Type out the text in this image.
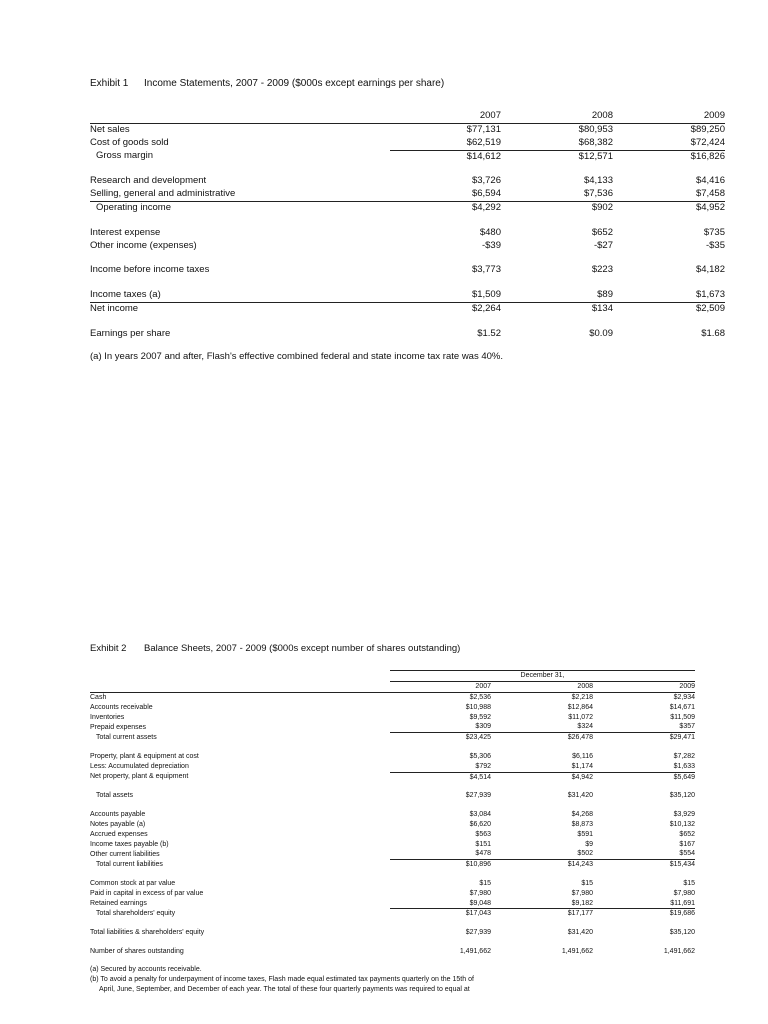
Exhibit 1 Income Statements, 2007 - 2009 ($000s except earnings per share)
	2007	2008	2009
Net sales	$77,131	$80,953	$89,250
Cost of goods sold	$62,519	$68,382	$72,424
Gross margin	$14,612	$12,571	$16,826

Research and development	$3,726	$4,133	$4,416
Selling, general and administrative	$6,594	$7,536	$7,458
Operating income	$4,292	$902	$4,952

Interest expense	$480	$652	$735
Other income (expenses)	-$39	-$27	-$35

Income before income taxes	$3,773	$223	$4,182

Income taxes (a)	$1,509	$89	$1,673
Net income	$2,264	$134	$2,509

Earnings per share	$1.52	$0.09	$1.68
(a) In years 2007 and after, Flash's effective combined federal and state income tax rate was 40%.
Exhibit 2 Balance Sheets, 2007 - 2009 ($000s except number of shares outstanding)
	December 31,		
	2007	2008	2009
Cash	$2,536	$2,218	$2,934
Accounts receivable	$10,988	$12,864	$14,671
Inventories	$9,592	$11,072	$11,509
Prepaid expenses	$309	$324	$357
Total current assets	$23,425	$26,478	$29,471

Property, plant & equipment at cost	$5,306	$6,116	$7,282
Less: Accumulated depreciation	$792	$1,174	$1,633
Net property, plant & equipment	$4,514	$4,942	$5,649

Total assets	$27,939	$31,420	$35,120

Accounts payable	$3,084	$4,268	$3,929
Notes payable (a)	$6,620	$8,873	$10,132
Accrued expenses	$563	$591	$652
Income taxes payable (b)	$151	$9	$167
Other current liabilities	$478	$502	$554
Total current liabilities	$10,896	$14,243	$15,434

Common stock at par value	$15	$15	$15
Paid in capital in excess of par value	$7,980	$7,980	$7,980
Retained earnings	$9,048	$9,182	$11,691
Total shareholders' equity	$17,043	$17,177	$19,686

Total liabilities & shareholders' equity	$27,939	$31,420	$35,120

Number of shares outstanding	1,491,662	1,491,662	1,491,662
(a) Secured by accounts receivable.
(b) To avoid a penalty for underpayment of income taxes, Flash made equal estimated tax payments quarterly on the 15th of
April, June, September, and December of each year. The total of these four quarterly payments was required to equal at
